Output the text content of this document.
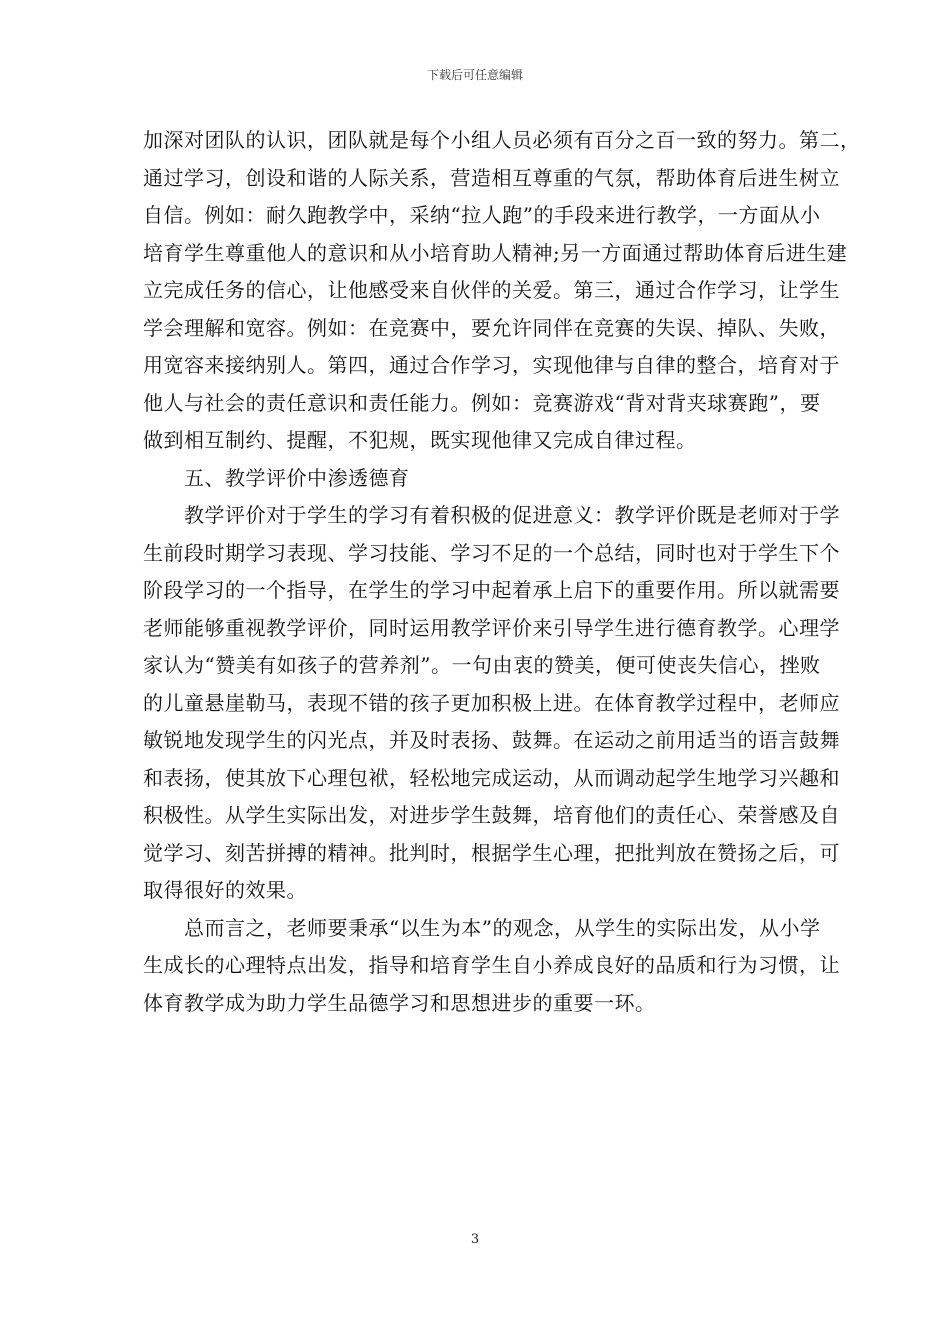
下载后可任意编辑
加深对团队的认识，团队就是每个小组人员必须有百分之百一致的努力。第二，
通过学习，创设和谐的人际关系，营造相互尊重的气氛，帮助体育后进生树立
自信。例如：耐久跑教学中，采纳“拉人跑”的手段来进行教学，一方面从小
培育学生尊重他人的意识和从小培育助人精神;另一方面通过帮助体育后进生建
立完成任务的信心，让他感受来自伙伴的关爱。第三，通过合作学习，让学生
学会理解和宽容。例如：在竞赛中，要允许同伴在竞赛的失误、掉队、失败，
用宽容来接纳别人。第四，通过合作学习，实现他律与自律的整合，培育对于
他人与社会的责任意识和责任能力。例如：竞赛游戏“背对背夹球赛跑”，要
做到相互制约、提醒，不犯规，既实现他律又完成自律过程。
　　五、教学评价中渗透德育
　　教学评价对于学生的学习有着积极的促进意义：教学评价既是老师对于学
生前段时期学习表现、学习技能、学习不足的一个总结，同时也对于学生下个
阶段学习的一个指导，在学生的学习中起着承上启下的重要作用。所以就需要
老师能够重视教学评价，同时运用教学评价来引导学生进行德育教学。心理学
家认为“赞美有如孩子的营养剂”。一句由衷的赞美，便可使丧失信心，挫败
的儿童悬崖勒马，表现不错的孩子更加积极上进。在体育教学过程中，老师应
敏锐地发现学生的闪光点，并及时表扬、鼓舞。在运动之前用适当的语言鼓舞
和表扬，使其放下心理包袱，轻松地完成运动，从而调动起学生地学习兴趣和
积极性。从学生实际出发，对进步学生鼓舞，培育他们的责任心、荣誉感及自
觉学习、刻苦拼搏的精神。批判时，根据学生心理，把批判放在赞扬之后，可
取得很好的效果。
　　总而言之，老师要秉承“以生为本”的观念，从学生的实际出发，从小学
生成长的心理特点出发，指导和培育学生自小养成良好的品质和行为习惯，让
体育教学成为助力学生品德学习和思想进步的重要一环。
3
